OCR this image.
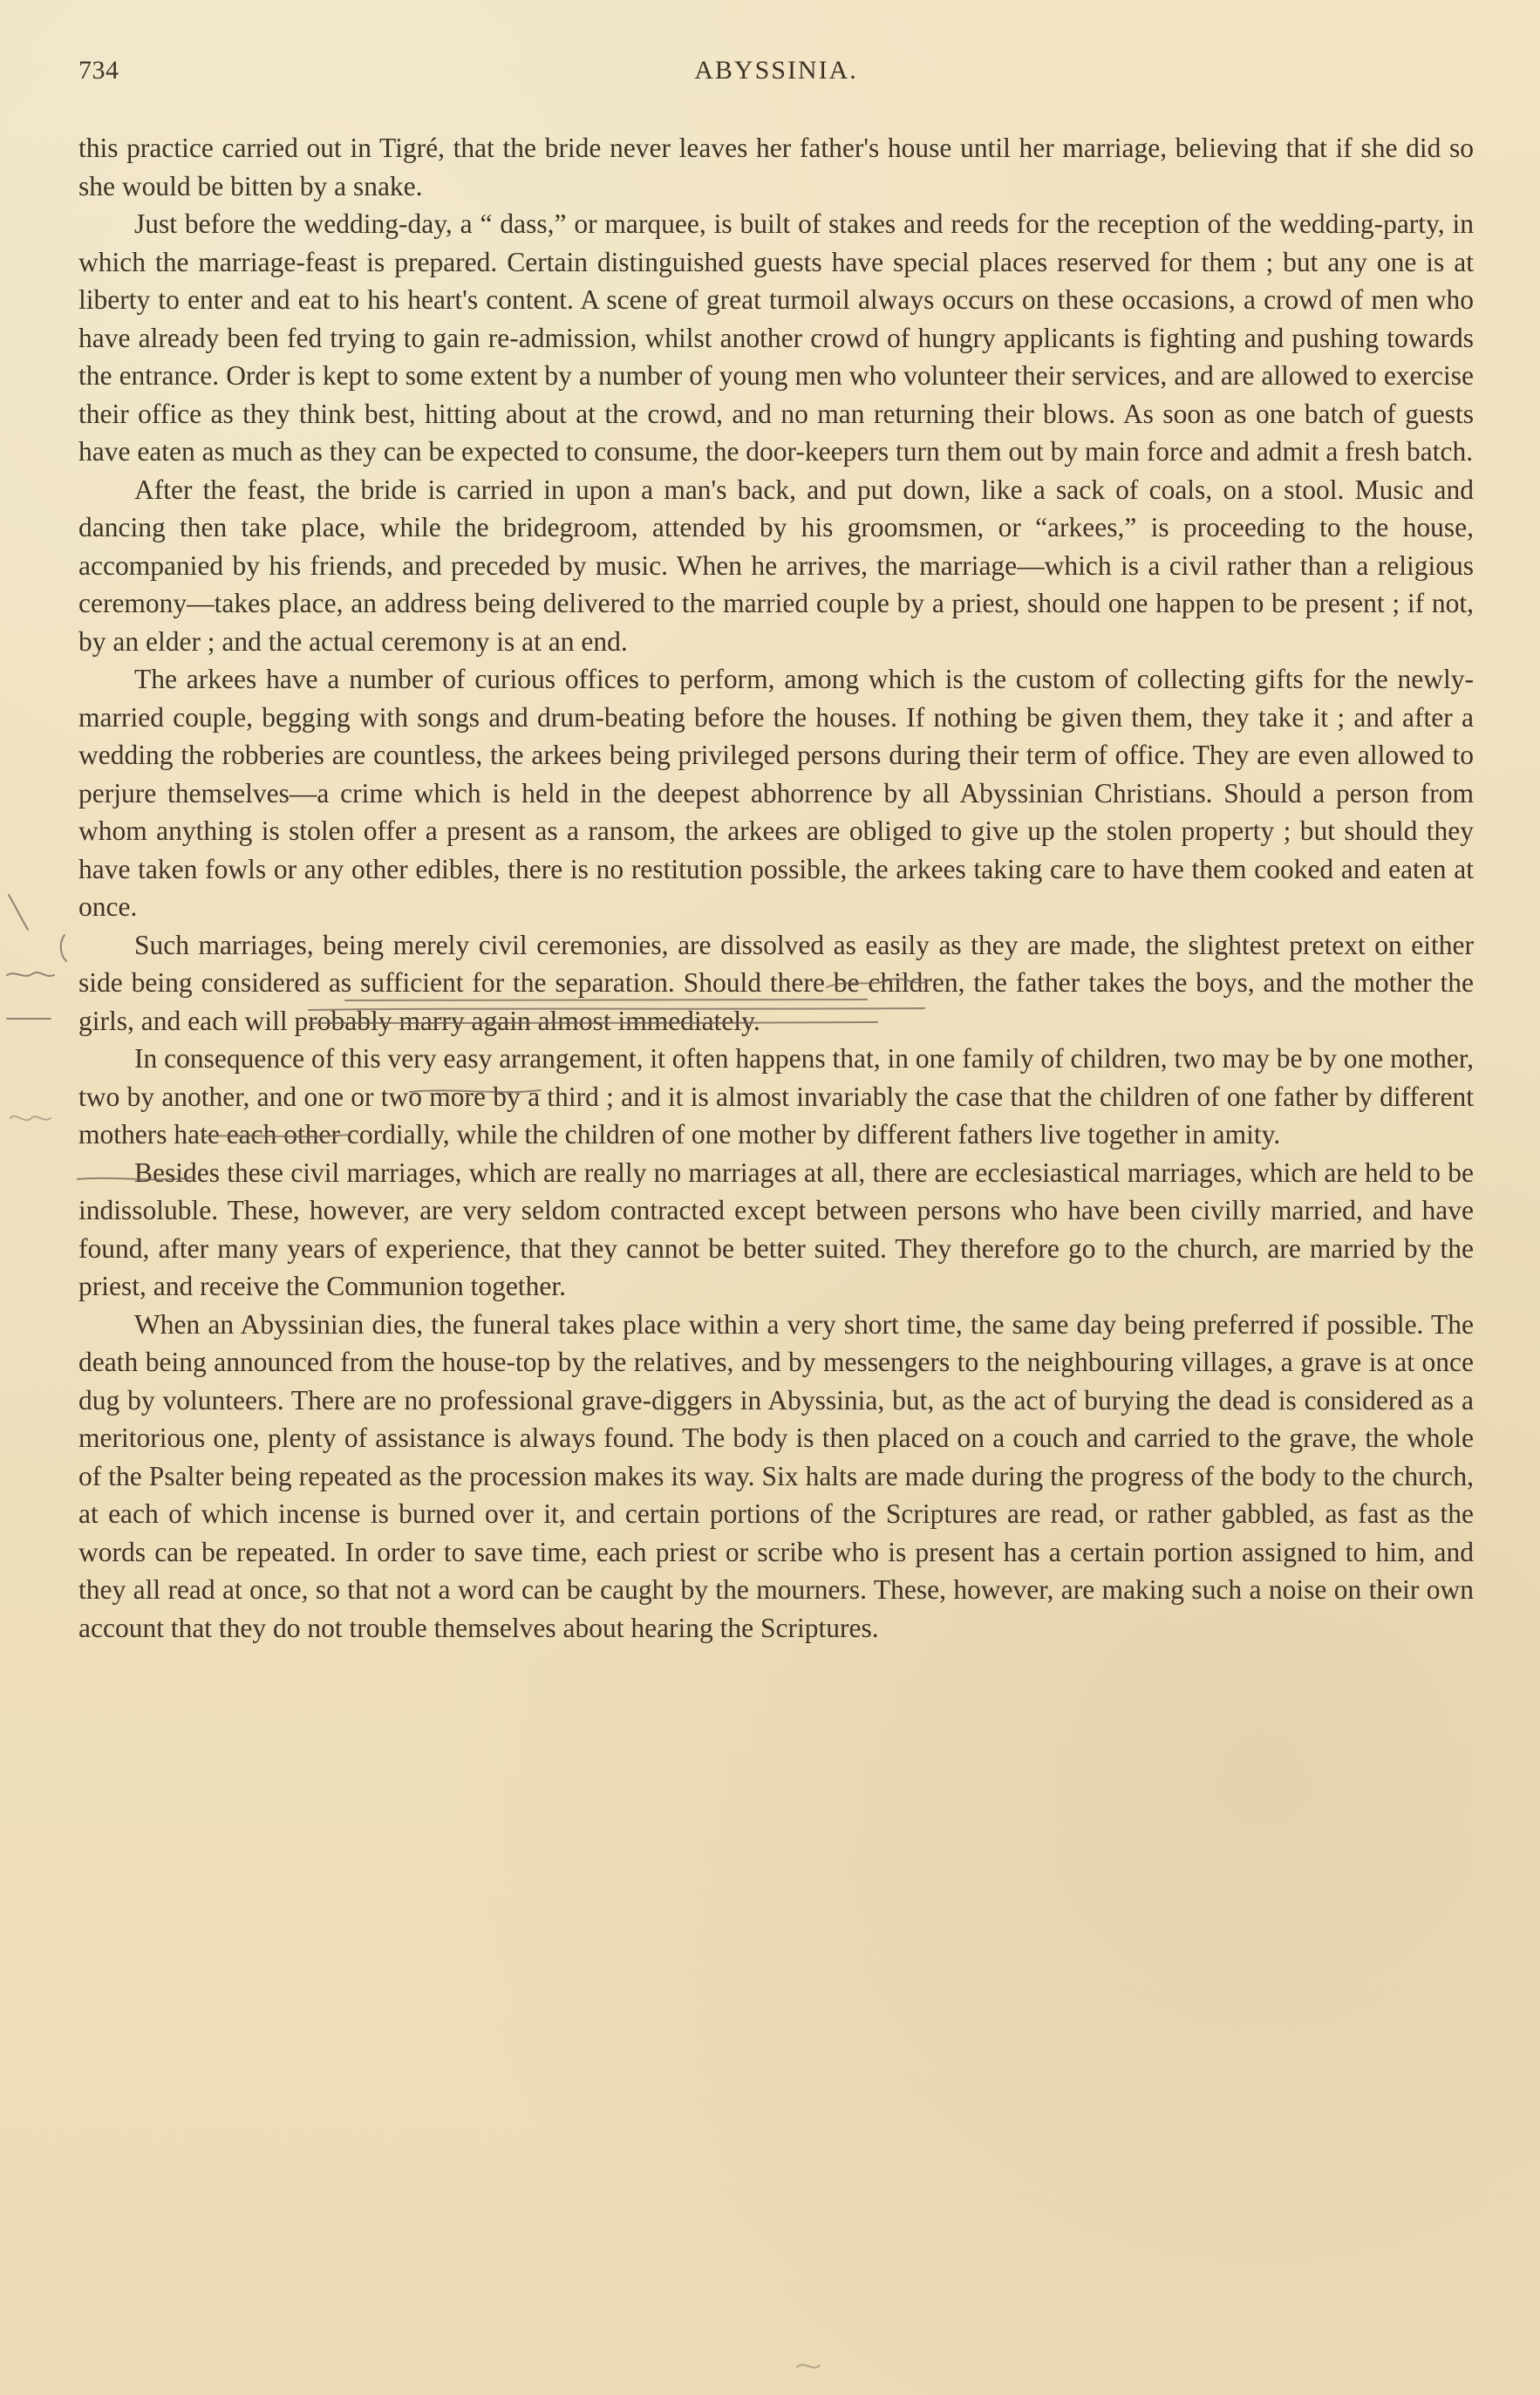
734	ABYSSINIA.

this practice carried out in Tigré, that the bride never leaves her father's house until her marriage, believing that if she did so she would be bitten by a snake.

Just before the wedding-day, a “ dass,” or marquee, is built of stakes and reeds for the reception of the wedding-party, in which the marriage-feast is prepared. Certain distinguished guests have special places reserved for them ; but any one is at liberty to enter and eat to his heart's content. A scene of great turmoil always occurs on these occasions, a crowd of men who have already been fed trying to gain re-admission, whilst another crowd of hungry applicants is fighting and pushing towards the entrance. Order is kept to some extent by a number of young men who volunteer their services, and are allowed to exercise their office as they think best, hitting about at the crowd, and no man returning their blows. As soon as one batch of guests have eaten as much as they can be expected to consume, the door-keepers turn them out by main force and admit a fresh batch.

After the feast, the bride is carried in upon a man's back, and put down, like a sack of coals, on a stool. Music and dancing then take place, while the bridegroom, attended by his groomsmen, or “arkees,” is proceeding to the house, accompanied by his friends, and preceded by music. When he arrives, the marriage—which is a civil rather than a religious ceremony—takes place, an address being delivered to the married couple by a priest, should one happen to be present ; if not, by an elder ; and the actual ceremony is at an end.

The arkees have a number of curious offices to perform, among which is the custom of collecting gifts for the newly-married couple, begging with songs and drum-beating before the houses. If nothing be given them, they take it ; and after a wedding the robberies are countless, the arkees being privileged persons during their term of office. They are even allowed to perjure themselves—a crime which is held in the deepest abhorrence by all Abyssinian Christians. Should a person from whom anything is stolen offer a present as a ransom, the arkees are obliged to give up the stolen property ; but should they have taken fowls or any other edibles, there is no restitution possible, the arkees taking care to have them cooked and eaten at once.

Such marriages, being merely civil ceremonies, are dissolved as easily as they are made, the slightest pretext on either side being considered as sufficient for the separation. Should there be children, the father takes the boys, and the mother the girls, and each will probably marry again almost immediately.

In consequence of this very easy arrangement, it often happens that, in one family of children, two may be by one mother, two by another, and one or two more by a third ; and it is almost invariably the case that the children of one father by different mothers hate each other cordially, while the children of one mother by different fathers live together in amity.

Besides these civil marriages, which are really no marriages at all, there are ecclesiastical marriages, which are held to be indissoluble. These, however, are very seldom contracted except between persons who have been civilly married, and have found, after many years of experience, that they cannot be better suited. They therefore go to the church, are married by the priest, and receive the Communion together.

When an Abyssinian dies, the funeral takes place within a very short time, the same day being preferred if possible. The death being announced from the house-top by the relatives, and by messengers to the neighbouring villages, a grave is at once dug by volunteers. There are no professional grave-diggers in Abyssinia, but, as the act of burying the dead is considered as a meritorious one, plenty of assistance is always found. The body is then placed on a couch and carried to the grave, the whole of the Psalter being repeated as the procession makes its way. Six halts are made during the progress of the body to the church, at each of which incense is burned over it, and certain portions of the Scriptures are read, or rather gabbled, as fast as the words can be repeated. In order to save time, each priest or scribe who is present has a certain portion assigned to him, and they all read at once, so that not a word can be caught by the mourners. These, however, are making such a noise on their own account that they do not trouble themselves about hearing the Scriptures.
